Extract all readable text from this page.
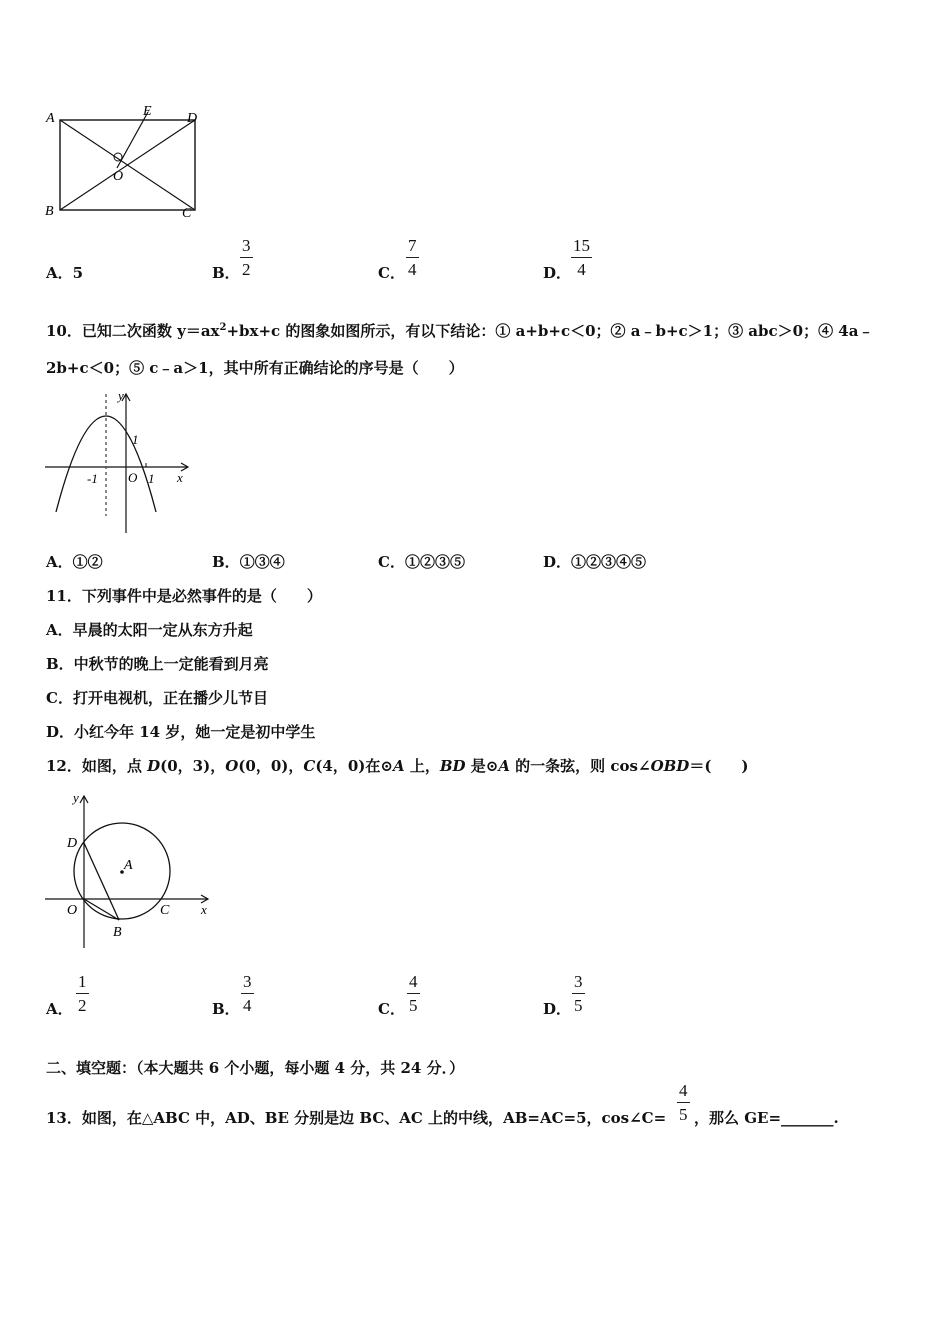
A	E	D
O
B	C
A．5	B．
3
2	C．
7
4	D．
15
4
10．已知二次函数 $y=ax^2+bx+c$ 的图象如图所示，有以下结论：① a+b+c＜0；② a﹣b+c＞1；③ abc＞0；④ 4a﹣
2b+c＜0；⑤ c﹣a＞1，其中所有正确结论的序号是（　　）
y
x
1
-1 O 1
A．①②	B．①③④	C．①②③⑤	D．①②③④⑤
11．下列事件中是必然事件的是（　　）
A．早晨的太阳一定从东方升起
B．中秋节的晚上一定能看到月亮
C．打开电视机，正在播少儿节目
D．小红今年 14 岁，她一定是初中学生
12．如图，点 D(0，3)，O(0，0)，C(4，0)在⊙A 上，BD 是⊙A 的一条弦，则 cos∠OBD＝(　　)
y
x
D
A
O	C
B
A．
1
2	B．
3
4	C．
4
5	D．
3
5
二、填空题：（本大题共 6 个小题，每小题 4 分，共 24 分．）
13．如图，在△ABC 中，AD、BE 分别是边 BC、AC 上的中线，AB=AC=5，cos∠C=
4
5 ，那么 GE=_______.
